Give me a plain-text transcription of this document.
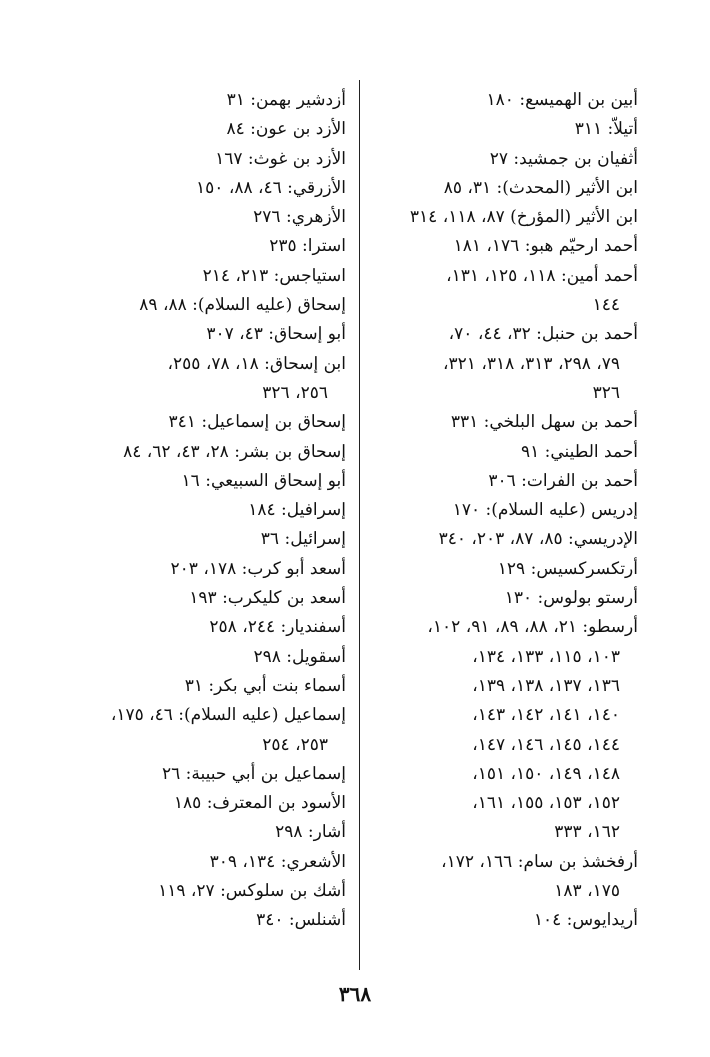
أبين بن الهميسع: ١٨٠
أتيلاّ: ٣١١
أثفيان بن جمشيد: ٢٧
ابن الأثير (المحدث): ٣١، ٨٥
ابن الأثير (المؤرخ) ٨٧، ١١٨، ٣١٤
أحمد ارحيّم هبو: ١٧٦، ١٨١
أحمد أمين: ١١٨، ١٢٥، ١٣١،
١٤٤
أحمد بن حنبل: ٣٢، ٤٤، ٧٠،
٧٩، ٢٩٨، ٣١٣، ٣١٨، ٣٢١،
٣٢٦
أحمد بن سهل البلخي: ٣٣١
أحمد الطيني: ٩١
أحمد بن الفرات: ٣٠٦
إدريس (عليه السلام): ١٧٠
الإدريسي: ٨٥، ٨٧، ٢٠٣، ٣٤٠
أرتكسركسيس: ١٢٩
أرستو بولوس: ١٣٠
أرسطو: ٢١، ٨٨، ٨٩، ٩١، ١٠٢،
١٠٣، ١١٥، ١٣٣، ١٣٤،
١٣٦، ١٣٧، ١٣٨، ١٣٩،
١٤٠، ١٤١، ١٤٢، ١٤٣،
١٤٤، ١٤٥، ١٤٦، ١٤٧،
١٤٨، ١٤٩، ١٥٠، ١٥١،
١٥٢، ١٥٣، ١٥٥، ١٦١،
١٦٢، ٣٣٣
أرفخشذ بن سام: ١٦٦، ١٧٢،
١٧٥، ١٨٣
أريدايوس: ١٠٤
أزدشير بهمن: ٣١
الأزد بن عون: ٨٤
الأزد بن غوث: ١٦٧
الأزرقي: ٤٦، ٨٨، ١٥٠
الأزهري: ٢٧٦
استرا: ٢٣٥
استياجس: ٢١٣، ٢١٤
إسحاق (عليه السلام): ٨٨، ٨٩
أبو إسحاق: ٤٣، ٣٠٧
ابن إسحاق: ١٨، ٧٨، ٢٥٥،
٢٥٦، ٣٢٦
إسحاق بن إسماعيل: ٣٤١
إسحاق بن بشر: ٢٨، ٤٣، ٦٢، ٨٤
أبو إسحاق السبيعي: ١٦
إسرافيل: ١٨٤
إسرائيل: ٣٦
أسعد أبو كرب: ١٧٨، ٢٠٣
أسعد بن كليكرب: ١٩٣
أسفنديار: ٢٤٤، ٢٥٨
أسقويل: ٢٩٨
أسماء بنت أبي بكر: ٣١
إسماعيل (عليه السلام): ٤٦، ١٧٥،
٢٥٣، ٢٥٤
إسماعيل بن أبي حبيبة: ٢٦
الأسود بن المعترف: ١٨٥
أشار: ٢٩٨
الأشعري: ١٣٤، ٣٠٩
أشك بن سلوكس: ٢٧، ١١٩
أشنلس: ٣٤٠
٣٦٨
